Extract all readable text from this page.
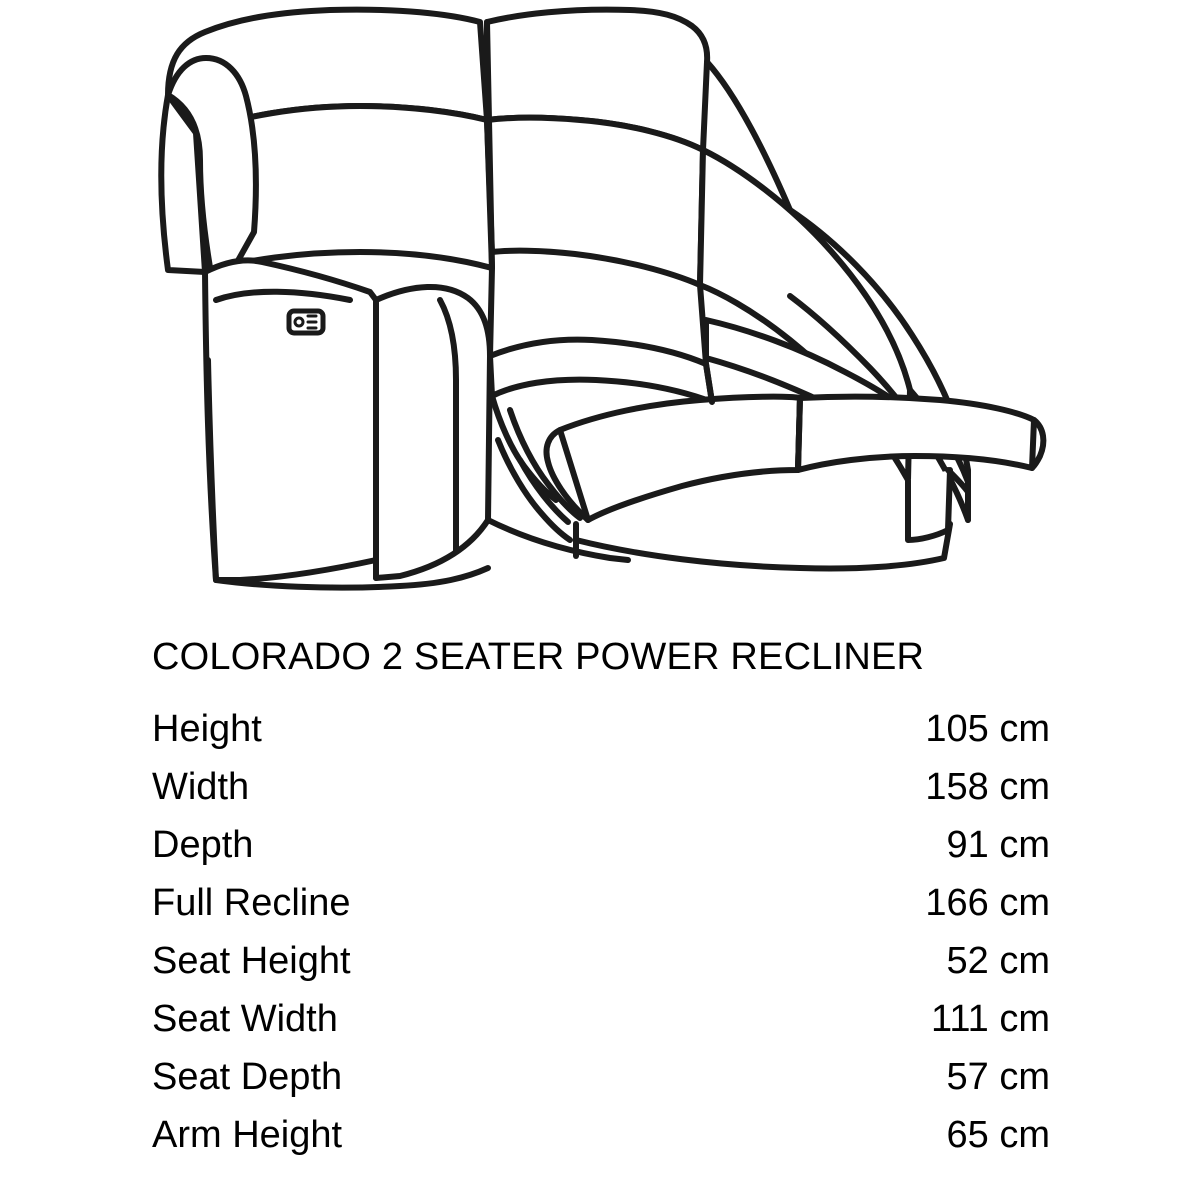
COLORADO 2 SEATER POWER RECLINER
Height	105 cm
Width	158 cm
Depth	91 cm
Full Recline	166 cm
Seat Height	52 cm
Seat Width	111 cm
Seat Depth	57 cm
Arm Height	65 cm
